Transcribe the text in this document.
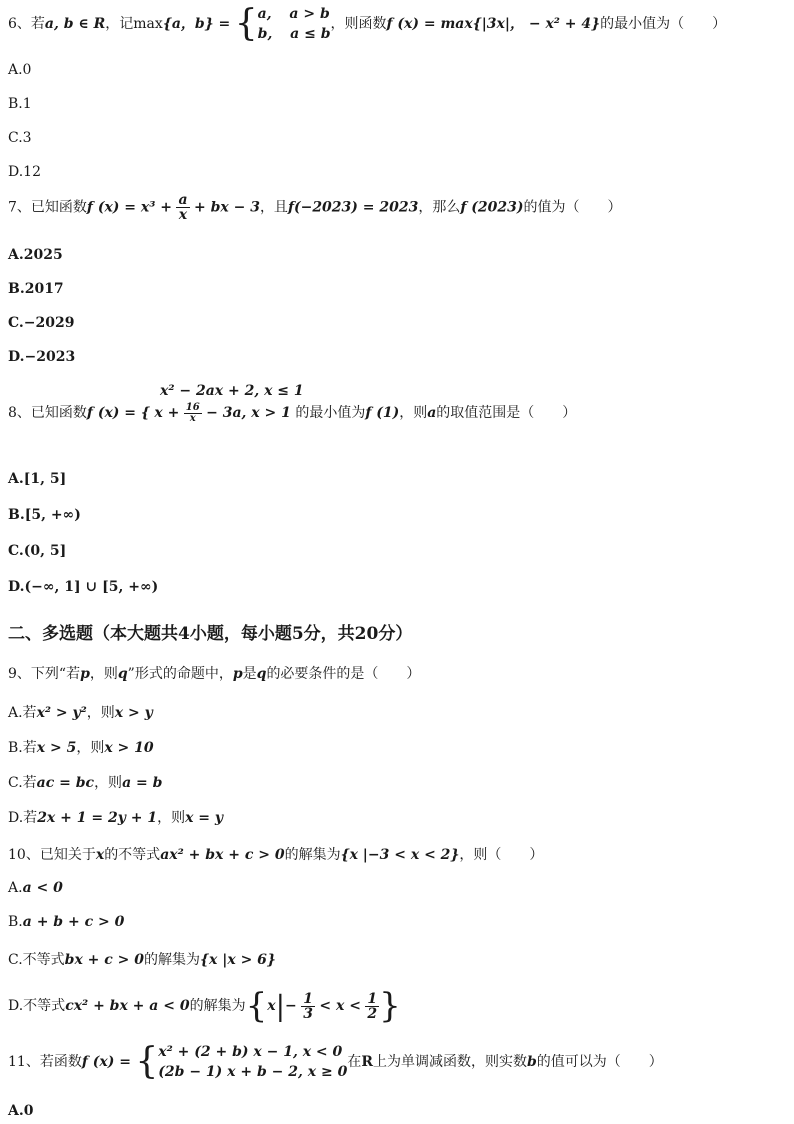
6、若a, b ∈ R，记max{a，b} = { a, a > b
b, a ≤ b
，则函数f (x) = max{|3x|， − x² + 4}的最小值为（　　）
A.0
B.1
C.3
D.12
7、已知函数f $(x) = x^3 + \frac{a}{x}$ + bx − 3，且f(−2023) = 2023，那么f (2023)的值为（　　）
A.2025
B.2017
C.−2029
D.−2023
x² − 2ax + 2, x ≤ 1
8、已知函数f (x) = { $x + \frac{16}{x} - 3a$, x > 1 的最小值为f (1)，则a的取值范围是（　　）
A.[1, 5]
B.[5, +∞)
C.(0, 5]
D.(−∞, 1] ∪ [5, +∞)
二、多选题（本大题共4小题，每小题5分，共20分）
9、下列“若p，则q”形式的命题中，p是q的必要条件的是（　　）
A.若x² > y²，则x > y
B.若x > 5，则x > 10
C.若ac = bc，则a = b
D.若2x + 1 = 2y + 1，则x = y
10、已知关于x的不等式ax² + bx + c > 0的解集为{x |−3 < x < 2}，则（　　）
A.a < 0
B.a + b + c > 0
C.不等式bx + c > 0的解集为{x |x > 6}
D.不等式cx² + bx + a < 0的解集为{$x|- \frac{1}{3} < x < \frac{1}{2}$ }
11、若函数f (x) = { x² + (2 + b) x − 1, x < 0
(2b − 1) x + b − 2, x ≥ 0
在R上为单调减函数，则实数b的值可以为（　　）
A.0
